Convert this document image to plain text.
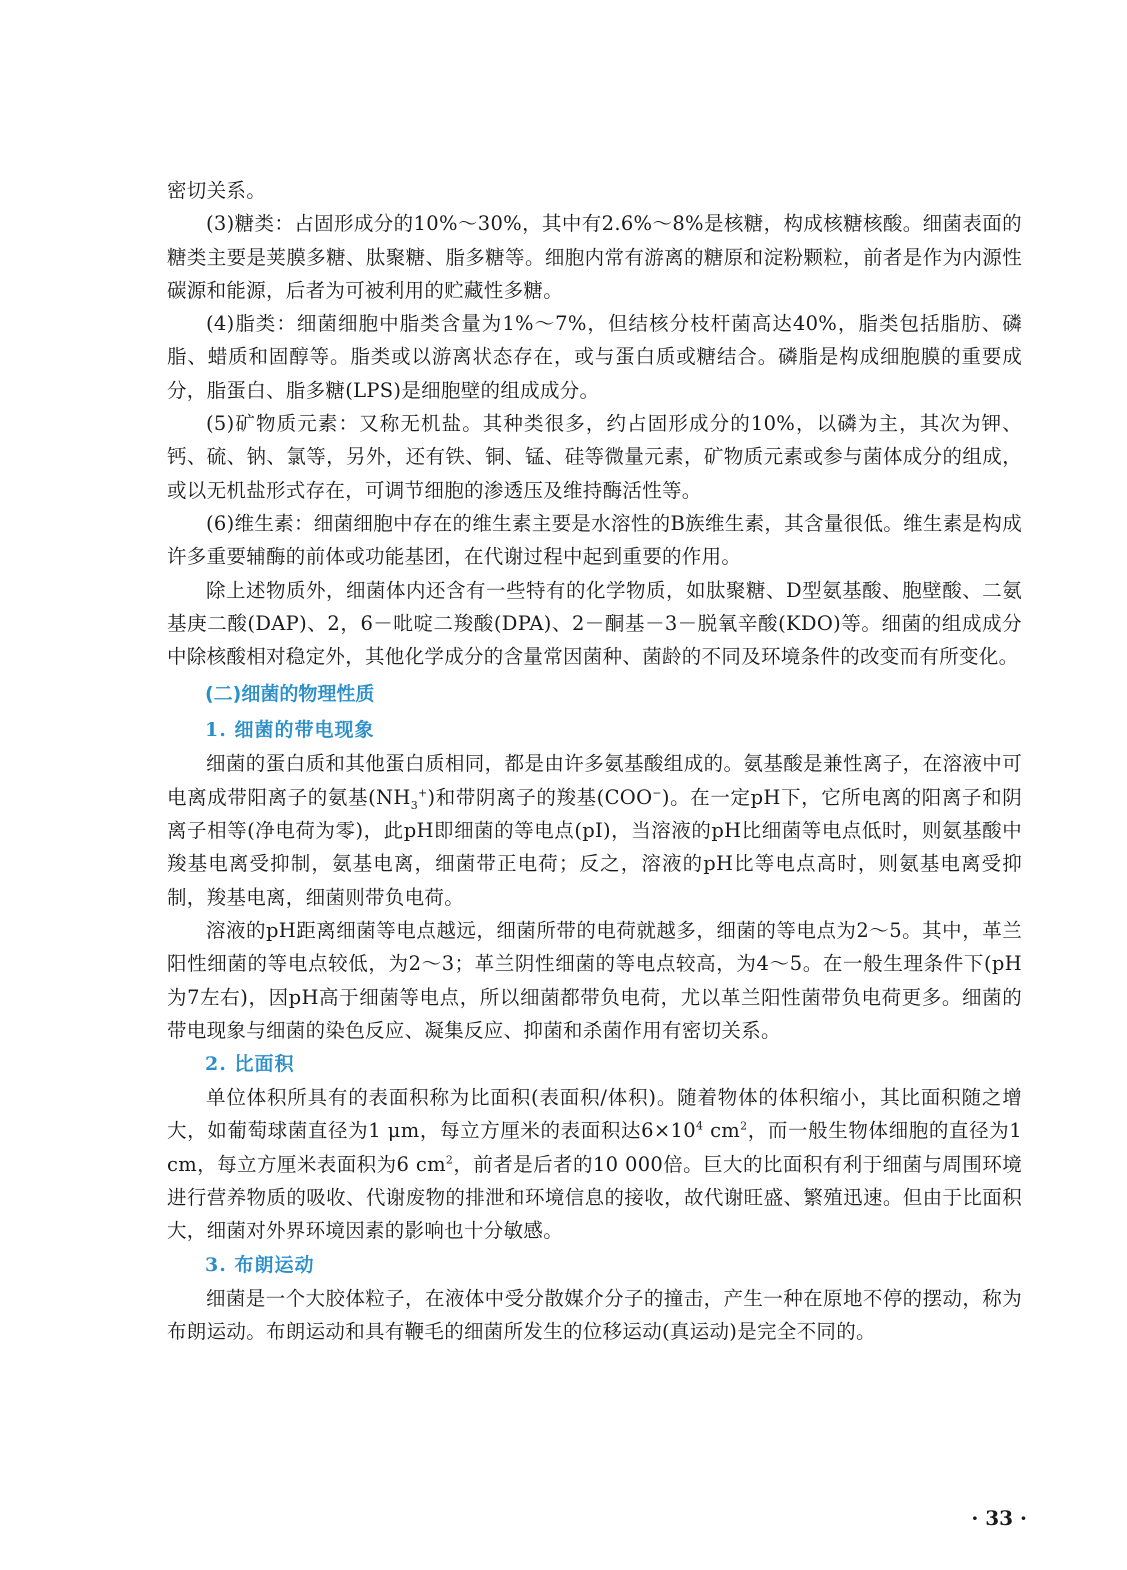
密切关系。

(3)糖类：占固形成分的10%～30%，其中有2.6%～8%是核糖，构成核糖核酸。细菌表面的糖类主要是荚膜多糖、肽聚糖、脂多糖等。细胞内常有游离的糖原和淀粉颗粒，前者是作为内源性碳源和能源，后者为可被利用的贮藏性多糖。

(4)脂类：细菌细胞中脂类含量为1%～7%，但结核分枝杆菌高达40%，脂类包括脂肪、磷脂、蜡质和固醇等。脂类或以游离状态存在，或与蛋白质或糖结合。磷脂是构成细胞膜的重要成分，脂蛋白、脂多糖(LPS)是细胞壁的组成成分。

(5)矿物质元素：又称无机盐。其种类很多，约占固形成分的10%，以磷为主，其次为钾、钙、硫、钠、氯等，另外，还有铁、铜、锰、硅等微量元素，矿物质元素或参与菌体成分的组成，或以无机盐形式存在，可调节细胞的渗透压及维持酶活性等。

(6)维生素：细菌细胞中存在的维生素主要是水溶性的B族维生素，其含量很低。维生素是构成许多重要辅酶的前体或功能基团，在代谢过程中起到重要的作用。

除上述物质外，细菌体内还含有一些特有的化学物质，如肽聚糖、D型氨基酸、胞壁酸、二氨基庚二酸(DAP)、2，6－吡啶二羧酸(DPA)、2－酮基－3－脱氧辛酸(KDO)等。细菌的组成成分中除核酸相对稳定外，其他化学成分的含量常因菌种、菌龄的不同及环境条件的改变而有所变化。

(二)细菌的物理性质
1. 细菌的带电现象

细菌的蛋白质和其他蛋白质相同，都是由许多氨基酸组成的。氨基酸是兼性离子，在溶液中可电离成带阳离子的氨基$(NH_3^+)$和带阴离子的羧基(COO−)。在一定pH下，它所电离的阳离子和阴离子相等(净电荷为零)，此pH即细菌的等电点(pI)，当溶液的pH比细菌等电点低时，则氨基酸中羧基电离受抑制，氨基电离，细菌带正电荷；反之，溶液的pH比等电点高时，则氨基电离受抑制，羧基电离，细菌则带负电荷。

溶液的pH距离细菌等电点越远，细菌所带的电荷就越多，细菌的等电点为2～5。其中，革兰阳性细菌的等电点较低，为2～3；革兰阴性细菌的等电点较高，为4～5。在一般生理条件下(pH为7左右)，因pH高于细菌等电点，所以细菌都带负电荷，尤以革兰阳性菌带负电荷更多。细菌的带电现象与细菌的染色反应、凝集反应、抑菌和杀菌作用有密切关系。

2. 比面积

单位体积所具有的表面积称为比面积(表面积/体积)。随着物体的体积缩小，其比面积随之增大，如葡萄球菌直径为1 μm，每立方厘米的表面积达$6\times 10^4$ $cm^2$，而一般生物体细胞的直径为1 cm，每立方厘米表面积为6 $cm^2$，前者是后者的10 000倍。巨大的比面积有利于细菌与周围环境进行营养物质的吸收、代谢废物的排泄和环境信息的接收，故代谢旺盛、繁殖迅速。但由于比面积大，细菌对外界环境因素的影响也十分敏感。

3. 布朗运动

细菌是一个大胶体粒子，在液体中受分散媒介分子的撞击，产生一种在原地不停的摆动，称为布朗运动。布朗运动和具有鞭毛的细菌所发生的位移运动(真运动)是完全不同的。

· 33 ·
